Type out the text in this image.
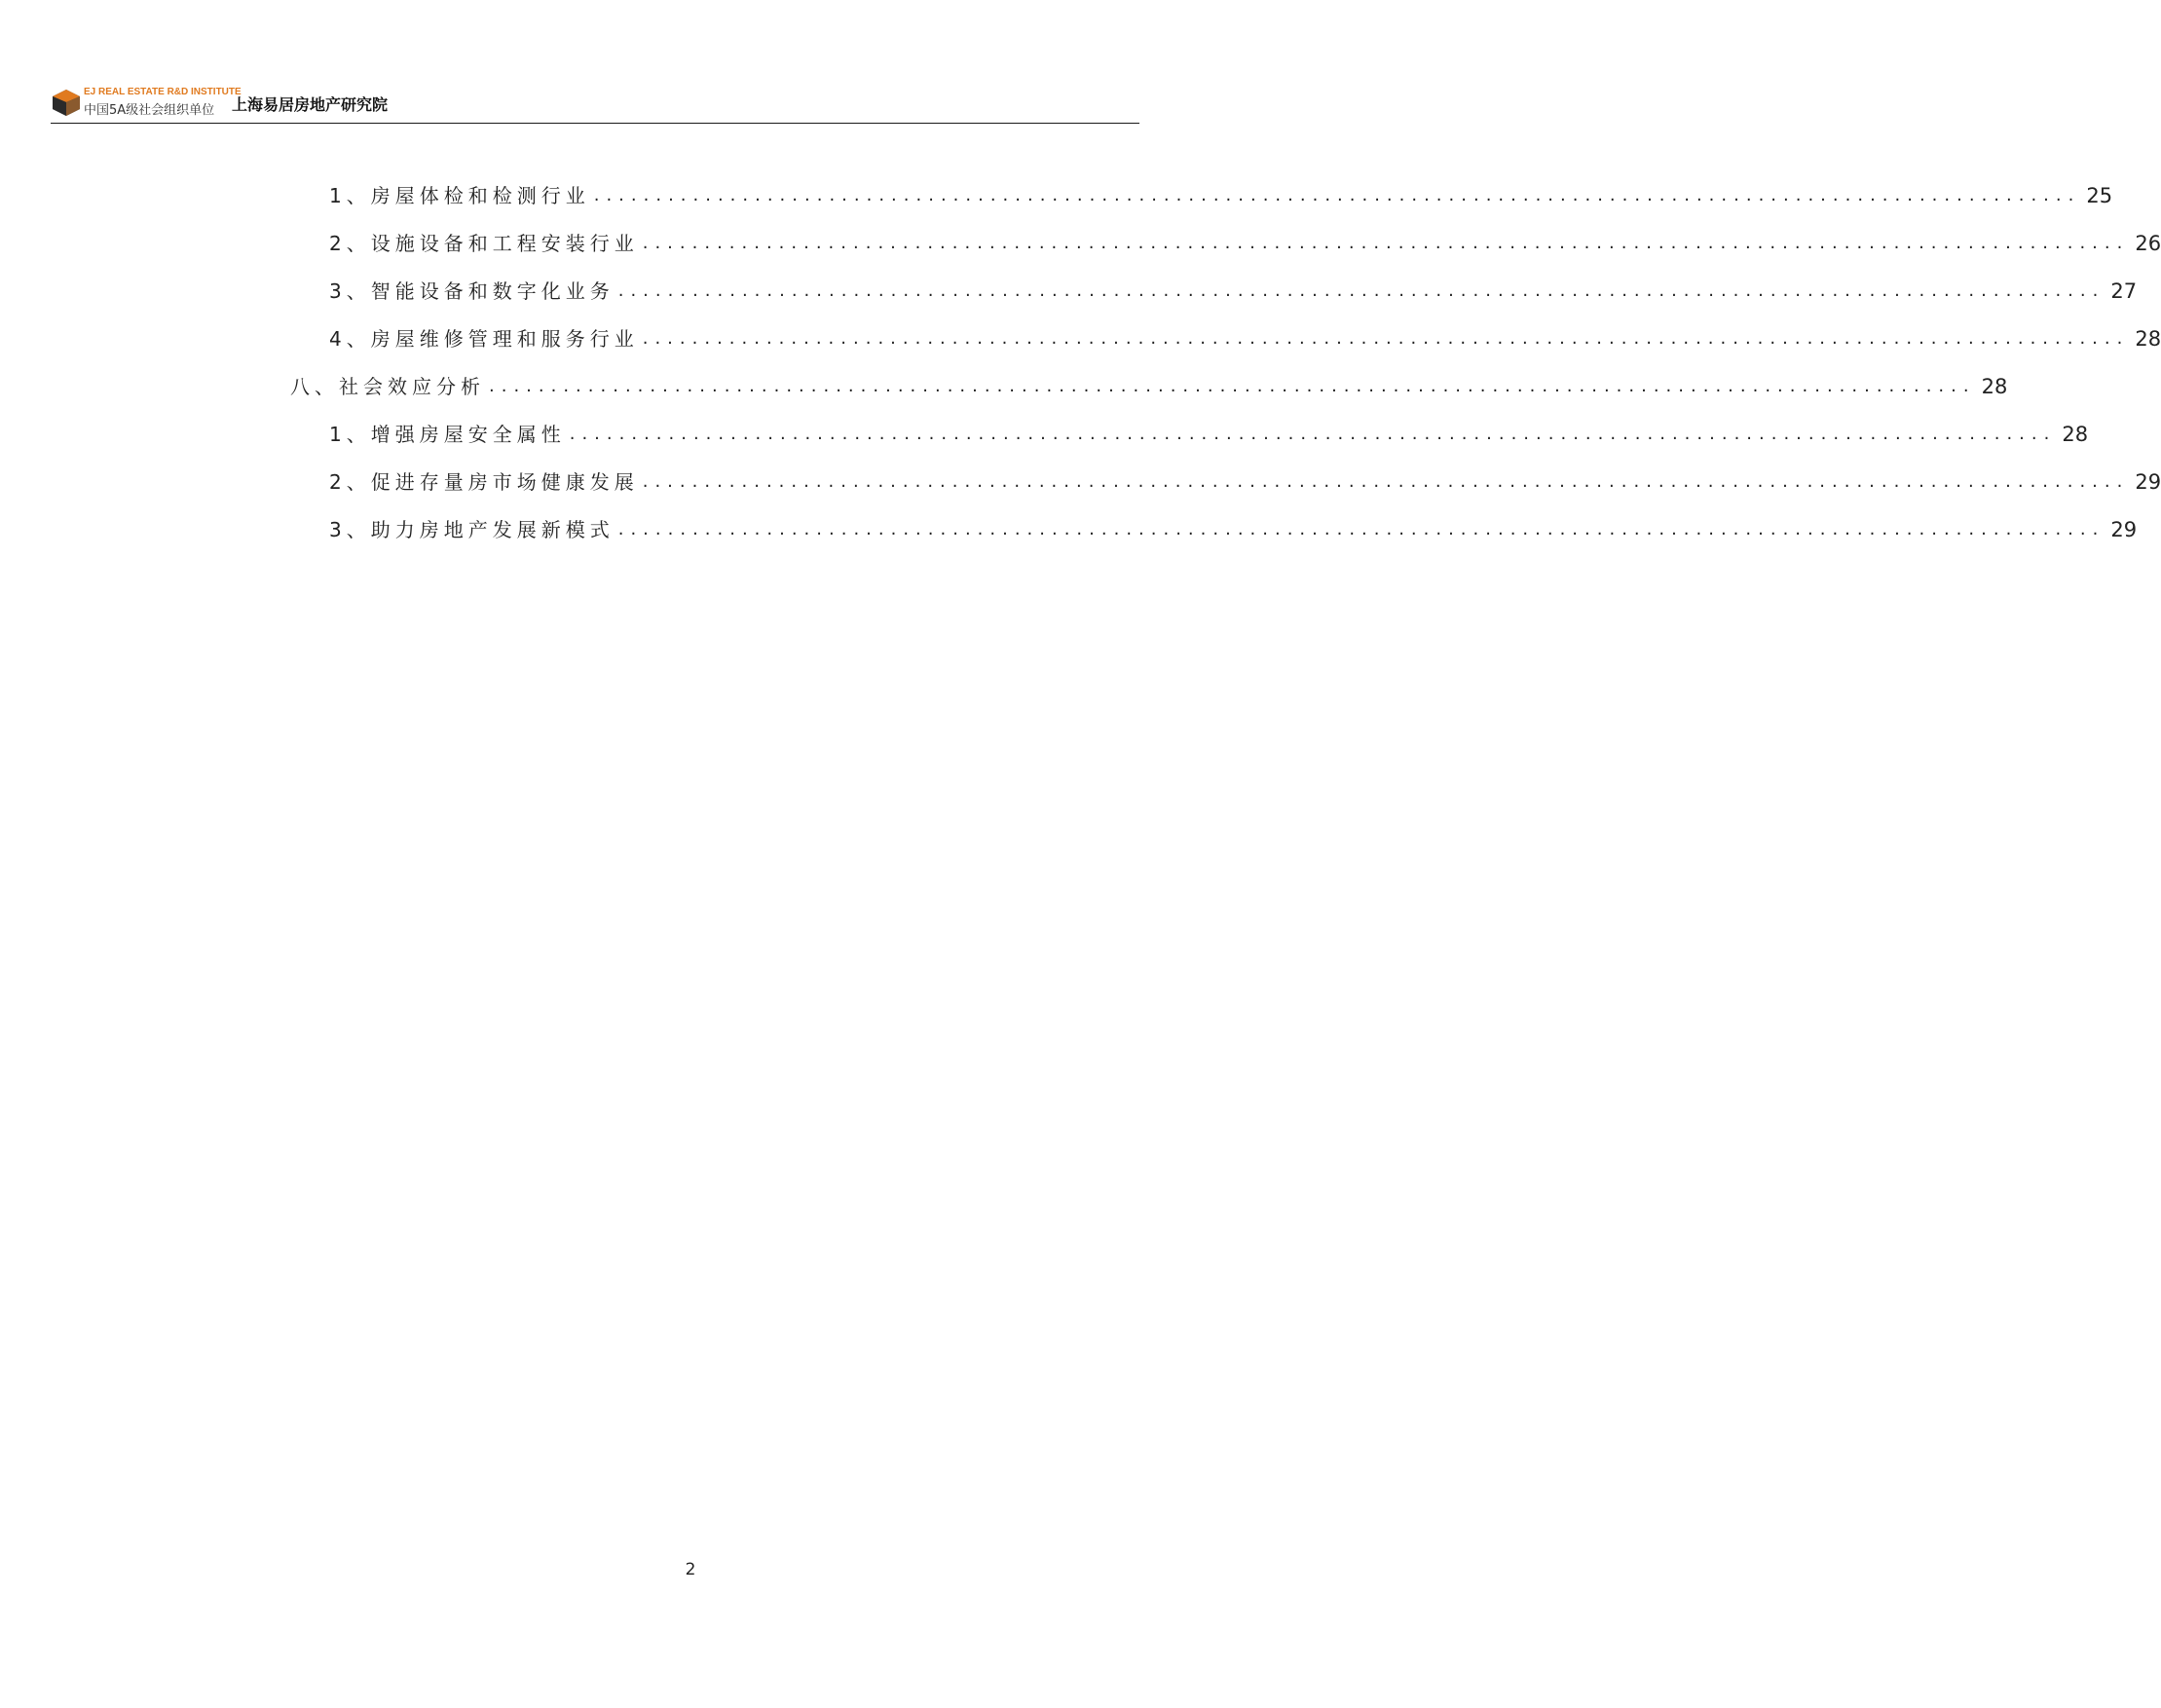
EJ REAL ESTATE R&D INSTITUTE
中国5A级社会组织单位 上海易居房地产研究院
1、房屋体检和检测行业 ........................................................................................................................ 25
2、设施设备和工程安装行业 ........................................................................................................................ 26
3、智能设备和数字化业务 ........................................................................................................................ 27
4、房屋维修管理和服务行业 ........................................................................................................................ 28
八、社会效应分析 ........................................................................................................................ 28
1、增强房屋安全属性 ........................................................................................................................ 28
2、促进存量房市场健康发展 ........................................................................................................................ 29
3、助力房地产发展新模式 ........................................................................................................................ 29
2
